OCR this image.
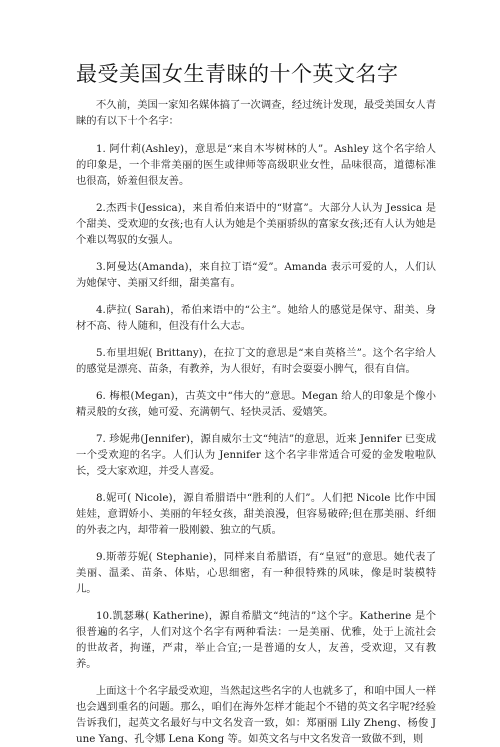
最受美国女生青睐的十个英文名字

不久前，美国一家知名媒体搞了一次调查，经过统计发现，最受美国女人青睐的有以下十个名字：

1. 阿什莉(Ashley)，意思是“来自木岑树林的人”。Ashley 这个名字给人的印象是，一个非常美丽的医生或律师等高级职业女性，品味很高，道德标准也很高，娇羞但很友善。

2.杰西卡(Jessica)，来自希伯来语中的“财富”。大部分人认为 Jessica 是个甜美、受欢迎的女孩;也有人认为她是个美丽骄纵的富家女孩;还有人认为她是个难以驾驭的女强人。

3.阿曼达(Amanda)，来自拉丁语“爱”。Amanda 表示可爱的人，人们认为她保守、美丽又纤细，甜美富有。

4.萨拉( Sarah)，希伯来语中的“公主”。她给人的感觉是保守、甜美、身材不高、待人随和，但没有什么大志。

5.布里坦妮( Brittany)，在拉丁文的意思是“来自英格兰”。这个名字给人的感觉是漂亮、苗条，有教养，为人很好，有时会耍耍小脾气，很有自信。

6. 梅根(Megan)，古英文中“伟大的”意思。Megan 给人的印象是个像小精灵般的女孩，她可爱、充满朝气、轻快灵活、爱嬉笑。

7. 珍妮弗(Jennifer)，源自威尔士文“纯洁”的意思，近来 Jennifer 已变成一个受欢迎的名字。人们认为 Jennifer 这个名字非常适合可爱的金发啦啦队长，受大家欢迎，并受人喜爱。

8.妮可( Nicole)，源自希腊语中“胜利的人们”。人们把 Nicole 比作中国娃娃，意谓娇小、美丽的年轻女孩，甜美浪漫，但容易破碎;但在那美丽、纤细的外表之内，却带着一股刚毅、独立的气质。

9.斯蒂芬妮( Stephanie)，同样来自希腊语，有“皇冠”的意思。她代表了美丽、温柔、苗条、体贴，心思细密，有一种很特殊的风味，像是时装模特儿。

10.凯瑟琳( Katherine)，源自希腊文“纯洁的”这个字。Katherine 是个很普遍的名字，人们对这个名字有两种看法：一是美丽、优雅，处于上流社会的世故者，拘谨，严肃，举止合宜;一是普通的女人，友善，受欢迎，又有教养。

上面这十个名字最受欢迎，当然起这些名字的人也就多了，和咱中国人一样也会遇到重名的问题。那么，咱们在海外怎样才能起个不错的英文名字呢?经验告诉我们，起英文名最好与中文名发音一致，如：郑丽丽 Lily Zheng、杨俊 June Yang、孔令娜 Lena Kong 等。如英文名与中文名发音一致做不到，则
